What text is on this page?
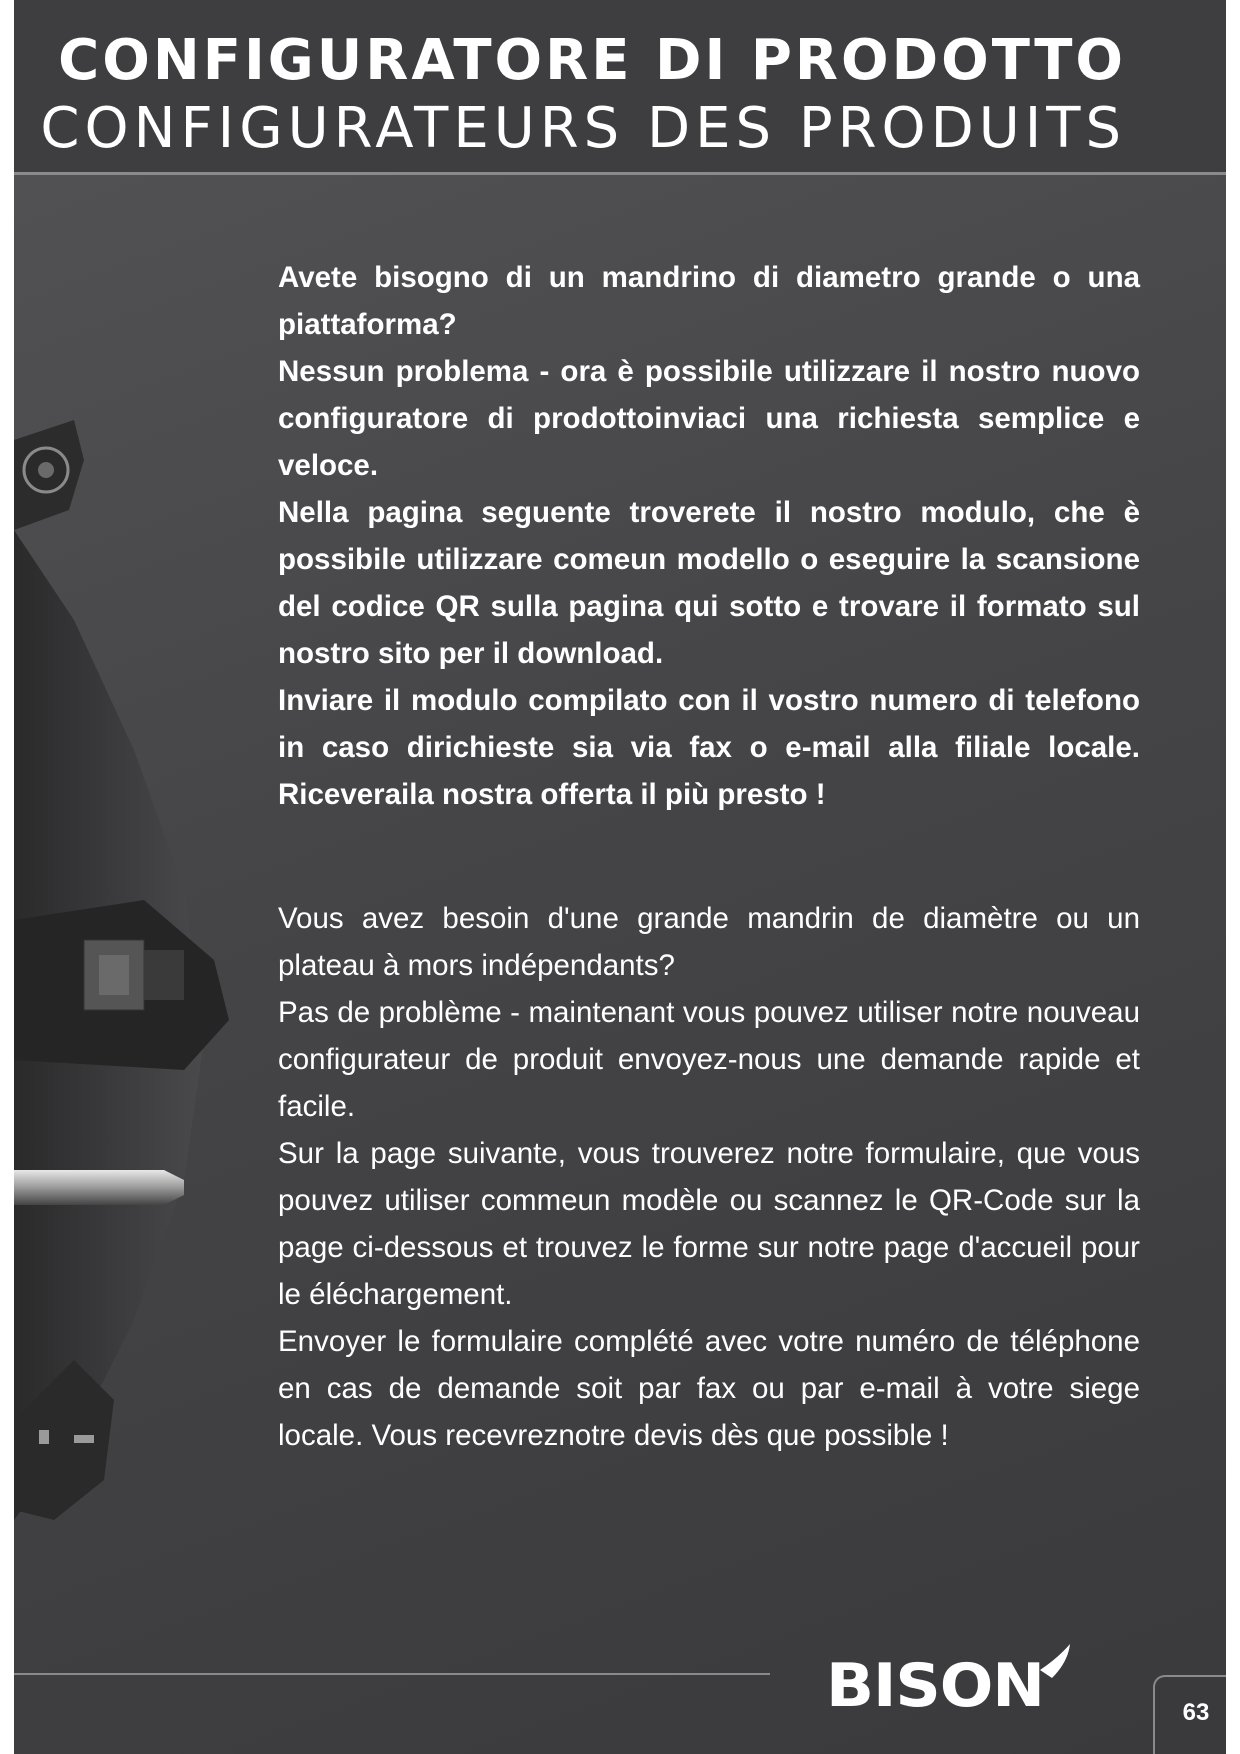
CONFIGURATORE DI PRODOTTO
CONFIGURATEURS DES PRODUITS

Avete bisogno di un mandrino di diametro grande o una piattaforma?

Nessun problema - ora è possibile utilizzare il nostro nuovo configuratore di prodottoinviaci una richiesta semplice e veloce.

Nella pagina seguente troverete il nostro modulo, che è possibile utilizzare comeun modello o eseguire la scansione del codice QR sulla pagina qui sotto e trovare il formato sul nostro sito per il download.

Inviare il modulo compilato con il vostro numero di telefono in caso dirichieste sia via fax o e-mail alla filiale locale. Riceveraila nostra offerta il più presto !

Vous avez besoin d'une grande mandrin de diamètre ou un plateau à mors indépendants?

Pas de problème - maintenant vous pouvez utiliser notre nouveau configurateur de produit envoyez-nous une demande rapide et facile.

Sur la page suivante, vous trouverez notre formulaire, que vous pouvez utiliser commeun modèle ou scannez le QR-Code sur la page ci-dessous et trouvez le forme sur notre page d'accueil pour le éléchargement.

Envoyer le formulaire complété avec votre numéro de téléphone en cas de demande soit par fax ou par e-mail à votre siege locale. Vous recevreznotre devis dès que possible !

BISON	63
